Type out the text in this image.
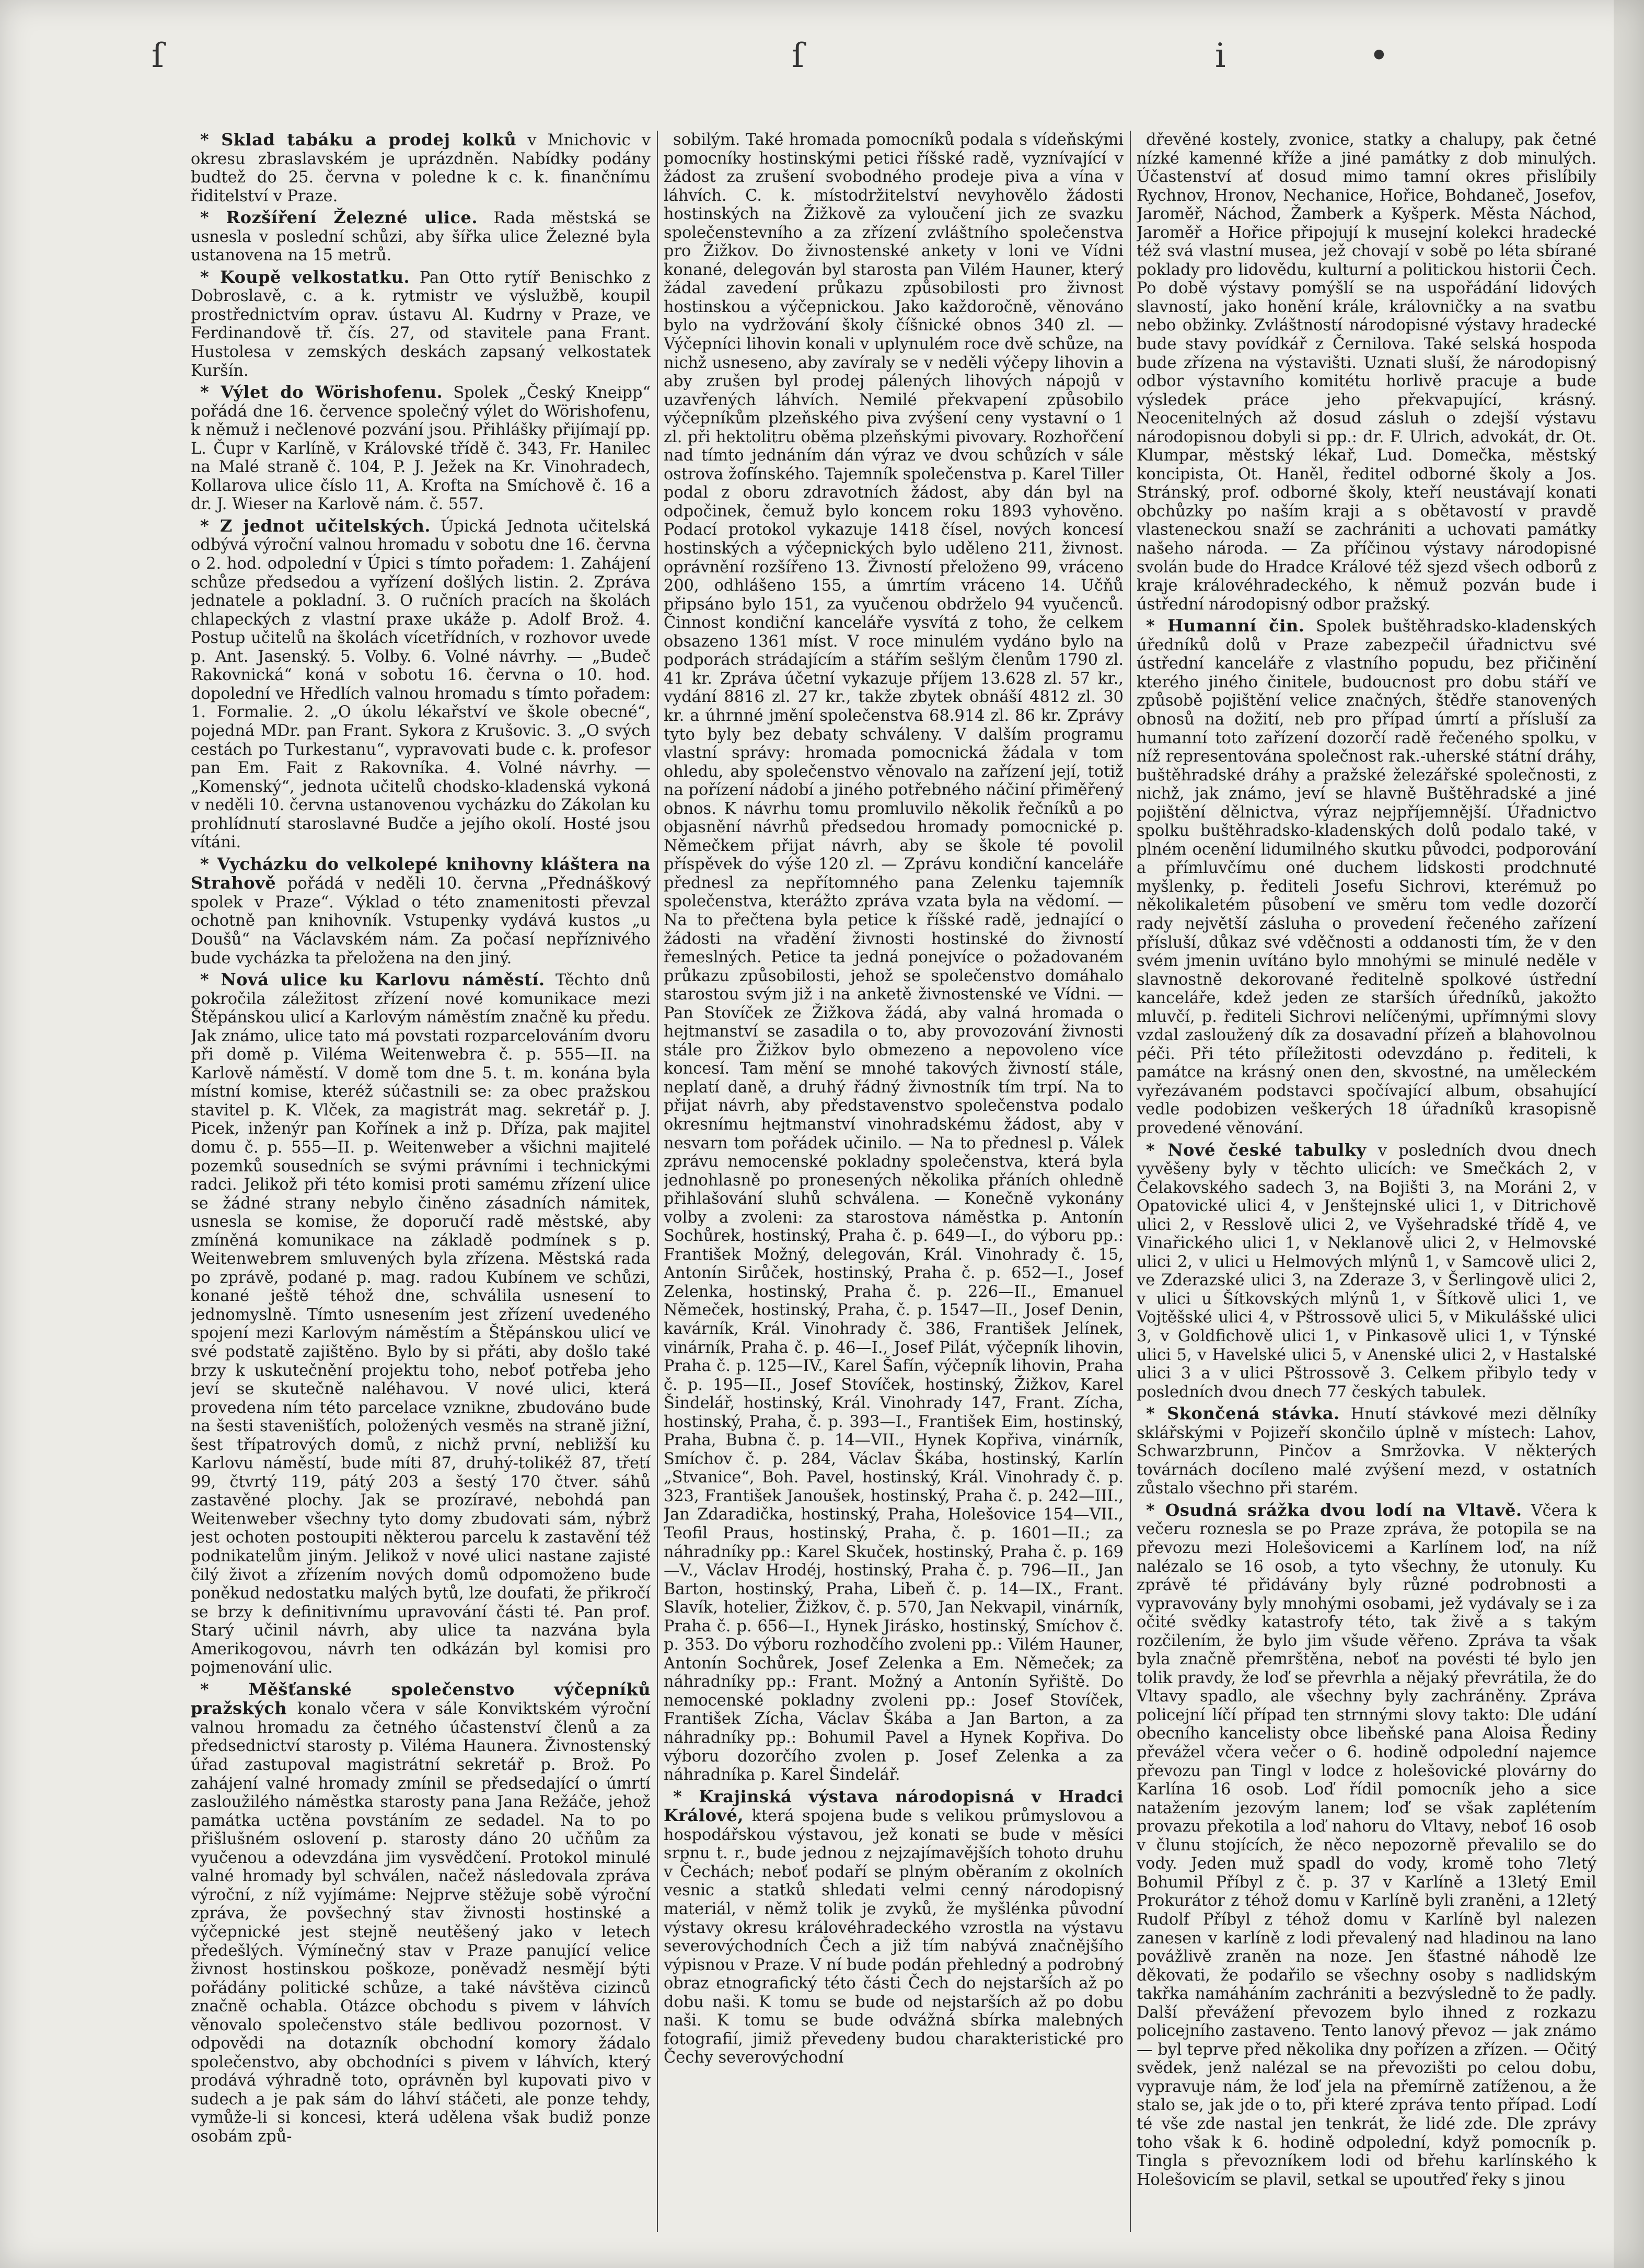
ſ	ſ	i	•

* Sklad tabáku a prodej kolků v Mnichovic v okresu zbraslavském je uprázdněn. Nabídky podány budtež do 25. června v poledne k c. k. finančnímu řiditelství v Praze.

* Rozšíření Železné ulice. Rada městská se usnesla v poslední schůzi, aby šířka ulice Železné byla ustanovena na 15 metrů.

* Koupě velkostatku. Pan Otto rytíř Benischko z Dobroslavě, c. a k. rytmistr ve výslužbě, koupil prostřednictvím oprav. ústavu Al. Kudrny v Praze, ve Ferdinandově tř. čís. 27, od stavitele pana Frant. Hustolesa v zemských deskách zapsaný velkostatek Kuršín.

* Výlet do Wörishofenu. Spolek „Český Kneipp“ pořádá dne 16. července společný výlet do Wörishofenu, k němuž i nečlenové pozvání jsou. Přihlášky přijímají pp. L. Čupr v Karlíně, v Královské třídě č. 343, Fr. Hanilec na Malé straně č. 104, P. J. Ježek na Kr. Vinohradech, Kollarova ulice číslo 11, A. Krofta na Smíchově č. 16 a dr. J. Wieser na Karlově nám. č. 557.

* Z jednot učitelských. Úpická Jednota učitelská odbývá výroční valnou hromadu v sobotu dne 16. června o 2. hod. odpolední v Úpici s tímto pořadem: 1. Zahájení schůze předsedou a vyřízení došlých listin. 2. Zpráva jednatele a pokladní. 3. O ručních pracích na školách chlapeckých z vlastní praxe ukáže p. Adolf Brož. 4. Postup učitelů na školách vícetřídních, v rozhovor uvede p. Ant. Jasenský. 5. Volby. 6. Volné návrhy. — „Budeč Rakovnická“ koná v sobotu 16. června o 10. hod. dopolední ve Hředlích valnou hromadu s tímto pořadem: 1. Formalie. 2. „O úkolu lékařství ve škole obecné“, pojedná MDr. pan Frant. Sykora z Krušovic. 3. „O svých cestách po Turkestanu“, vypravovati bude c. k. profesor pan Em. Fait z Rakovníka. 4. Volné návrhy. — „Komenský“, jednota učitelů chodsko-kladenská vykoná v neděli 10. června ustanovenou vycházku do Zákolan ku prohlídnutí staroslavné Budče a jejího okolí. Hosté jsou vítáni.

* Vycházku do velkolepé knihovny kláštera na Strahově pořádá v neděli 10. června „Přednáškový spolek v Praze“. Výklad o této znamenitosti převzal ochotně pan knihovník. Vstupenky vydává kustos „u Doušů“ na Václavském nám. Za počasí nepříznivého bude vycházka ta přeložena na den jiný.

* Nová ulice ku Karlovu náměstí. Těchto dnů pokročila záležitost zřízení nové komunikace mezi Štěpánskou ulicí a Karlovým náměstím značně ku předu. Jak známo, ulice tato má povstati rozparcelováním dvoru při domě p. Viléma Weitenwebra č. p. 555—II. na Karlově náměstí. V domě tom dne 5. t. m. konána byla místní komise, kteréž súčastnili se: za obec pražskou stavitel p. K. Vlček, za magistrát mag. sekretář p. J. Picek, inženýr pan Kořínek a inž p. Dříza, pak majitel domu č. p. 555—II. p. Weitenweber a všichni majitelé pozemků sousedních se svými právními i technickými radci. Jelikož při této komisi proti samému zřízení ulice se žádné strany nebylo činěno zásadních námitek, usnesla se komise, že doporučí radě městské, aby zmíněná komunikace na základě podmínek s p. Weitenwebrem smluvených byla zřízena. Městská rada po zprávě, podané p. mag. radou Kubínem ve schůzi, konané ještě téhož dne, schválila usnesení to jednomyslně. Tímto usnesením jest zřízení uvedeného spojení mezi Karlovým náměstím a Štěpánskou ulicí ve své podstatě zajištěno. Bylo by si přáti, aby došlo také brzy k uskutečnění projektu toho, neboť potřeba jeho jeví se skutečně naléhavou. V nové ulici, která provedena ním této parcelace vznikne, zbudováno bude na šesti stavenišťích, položených vesměs na straně jižní, šest třípatrových domů, z nichž první, nebližší ku Karlovu náměstí, bude míti 87, druhý-tolikéž 87, třetí 99, čtvrtý 119, pátý 203 a šestý 170 čtver. sáhů zastavěné plochy. Jak se prozíravé, nebohdá pan Weitenweber všechny tyto domy zbudovati sám, nýbrž jest ochoten postoupiti některou parcelu k zastavění též podnikatelům jiným. Jelikož v nové ulici nastane zajisté čilý život a zřízením nových domů odpomoženo bude poněkud nedostatku malých bytů, lze doufati, že přikročí se brzy k definitivnímu upravování části té. Pan prof. Starý učinil návrh, aby ulice ta nazvána byla Amerikogovou, návrh ten odkázán byl komisi pro pojmenování ulic.

* Měšťanské společenstvo výčepníků pražských konalo včera v sále Konviktském výroční valnou hromadu za četného účastenství členů a za předsednictví starosty p. Viléma Haunera. Živnostenský úřad zastupoval magistrátní sekretář p. Brož. Po zahájení valné hromady zmínil se předsedající o úmrtí zasloužilého náměstka starosty pana Jana Režáče, jehož památka uctěna povstáním ze sedadel. Na to po přišlušném oslovení p. starosty dáno 20 učňům za vyučenou a odevzdána jim vysvědčení. Protokol minulé valné hromady byl schválen, načež následovala zpráva výroční, z níž vyjímáme: Nejprve stěžuje sobě výroční zpráva, že povšechný stav živnosti hostinské a výčepnické jest stejně neutěšený jako v letech předešlých. Výmínečný stav v Praze panující velice živnost hostinskou poškoze, poněvadž nesmějí býti pořádány politické schůze, a také návštěva cizinců značně ochabla. Otázce obchodu s pivem v láhvích věnovalo společenstvo stále bedlivou pozornost. V odpovědi na dotazník obchodní komory žádalo společenstvo, aby obchodníci s pivem v láhvích, který prodává výhradně toto, oprávněn byl kupovati pivo v sudech a je pak sám do láhví stáčeti, ale ponze tehdy, vymůže-li si koncesi, která udělena však budiž ponze osobám způ-

sobilým. Také hromada pomocníků podala s vídeňskými pomocníky hostinskými petici říšské radě, vyznívající v žádost za zrušení svobodného prodeje piva a vína v láhvích. C. k. místodržitelství nevyhovělo žádosti hostinských na Žižkově za vyloučení jich ze svazku společenstevního a za zřízení zvláštního společenstva pro Žižkov. Do živnostenské ankety v loni ve Vídni konané, delegován byl starosta pan Vilém Hauner, který žádal zavedení průkazu způsobilosti pro živnost hostinskou a výčepnickou. Jako každoročně, věnováno bylo na vydržování školy číšnické obnos 340 zl. — Výčepníci lihovin konali v uplynulém roce dvě schůze, na nichž usneseno, aby zavíraly se v neděli výčepy lihovin a aby zrušen byl prodej pálených lihových nápojů v uzavřených láhvích. Nemilé překvapení způsobilo výčepníkům plzeňského piva zvýšení ceny vystavní o 1 zl. při hektolitru oběma plzeňskými pivovary. Rozhořčení nad tímto jednáním dán výraz ve dvou schůzích v sále ostrova žofínského. Tajemník společenstva p. Karel Tiller podal z oboru zdravotních žádost, aby dán byl na odpočinek, čemuž bylo koncem roku 1893 vyhověno. Podací protokol vykazuje 1418 čísel, nových koncesí hostinských a výčepnických bylo uděleno 211, živnost. oprávnění rozšířeno 13. Živností přeloženo 99, vráceno 200, odhlášeno 155, a úmrtím vráceno 14. Učňů připsáno bylo 151, za vyučenou obdrželo 94 vyučenců. Činnost kondiční kanceláře vysvítá z toho, že celkem obsazeno 1361 míst. V roce minulém vydáno bylo na podporách strádajícím a stářím sešlým členům 1790 zl. 41 kr. Zpráva účetní vykazuje příjem 13.628 zl. 57 kr., vydání 8816 zl. 27 kr., takže zbytek obnáší 4812 zl. 30 kr. a úhrnné jmění společenstva 68.914 zl. 86 kr. Zprávy tyto byly bez debaty schváleny. V dalším programu vlastní správy: hromada pomocnická žádala v tom ohledu, aby společenstvo věnovalo na zařízení její, totiž na pořízení nádobí a jiného potřebného náčiní přiměřený obnos. K návrhu tomu promluvilo několik řečníků a po objasnění návrhů předsedou hromady pomocnické p. Němečkem přijat návrh, aby se škole té povolil příspěvek do výše 120 zl. — Zprávu kondiční kanceláře přednesl za nepřítomného pana Zelenku tajemník společenstva, kterážto zpráva vzata byla na vědomí. — Na to přečtena byla petice k říšské radě, jednající o žádosti na vřadění živnosti hostinské do živností řemeslných. Petice ta jedná ponejvíce o požadovaném průkazu způsobilosti, jehož se společenstvo domáhalo starostou svým již i na anketě živnostenské ve Vídni. — Pan Stovíček ze Žižkova žádá, aby valná hromada o hejtmanství se zasadila o to, aby provozování živnosti stále pro Žižkov bylo obmezeno a nepovoleno více koncesí. Tam mění se mnohé takových živností stále, neplatí daně, a druhý řádný živnostník tím trpí. Na to přijat návrh, aby představenstvo společenstva podalo okresnímu hejtmanství vinohradskému žádost, aby v nesvarn tom pořádek učinilo. — Na to přednesl p. Válek zprávu nemocenské pokladny společenstva, která byla jednohlasně po pronesených několika přáních ohledně přihlašování sluhů schválena. — Konečně vykonány volby a zvoleni: za starostova náměstka p. Antonín Sochůrek, hostinský, Praha č. p. 649—I., do výboru pp.: František Možný, delegován, Král. Vinohrady č. 15, Antonín Sirůček, hostinský, Praha č. p. 652—I., Josef Zelenka, hostinský, Praha č. p. 226—II., Emanuel Němeček, hostinský, Praha, č. p. 1547—II., Josef Denin, kavárník, Král. Vinohrady č. 386, František Jelínek, vinárník, Praha č. p. 46—I., Josef Pilát, výčepník lihovin, Praha č. p. 125—IV., Karel Šafín, výčepník lihovin, Praha č. p. 195—II., Josef Stovíček, hostinský, Žižkov, Karel Šindelář, hostinský, Král. Vinohrady 147, Frant. Zícha, hostinský, Praha, č. p. 393—I., František Eim, hostinský, Praha, Bubna č. p. 14—VII., Hynek Kopřiva, vinárník, Smíchov č. p. 284, Václav Škába, hostinský, Karlín „Stvanice“, Boh. Pavel, hostinský, Král. Vinohrady č. p. 323, František Janoušek, hostinský, Praha č. p. 242—III., Jan Zdaradička, hostinský, Praha, Holešovice 154—VII., Teofil Praus, hostinský, Praha, č. p. 1601—II.; za náhradníky pp.: Karel Skuček, hostinský, Praha č. p. 169—V., Václav Hrodéj, hostinský, Praha č. p. 796—II., Jan Barton, hostinský, Praha, Libeň č. p. 14—IX., Frant. Slavík, hotelier, Žižkov, č. p. 570, Jan Nekvapil, vinárník, Praha č. p. 656—I., Hynek Jirásko, hostinský, Smíchov č. p. 353. Do výboru rozhodčího zvoleni pp.: Vilém Hauner, Antonín Sochůrek, Josef Zelenka a Em. Němeček; za náhradníky pp.: Frant. Možný a Antonín Syřiště. Do nemocenské pokladny zvoleni pp.: Josef Stovíček, František Zícha, Václav Škába a Jan Barton, a za náhradníky pp.: Bohumil Pavel a Hynek Kopřiva. Do výboru dozorčího zvolen p. Josef Zelenka a za náhradníka p. Karel Šindelář.

* Krajinská výstava národopisná v Hradci Králové, která spojena bude s velikou průmyslovou a hospodářskou výstavou, jež konati se bude v měsíci srpnu t. r., bude jednou z nejzajímavějších tohoto druhu v Čechách; neboť podaří se plným oběraním z okolních vesnic a statků shledati velmi cenný národopisný materiál, v němž tolik je zvyků, že myšlénka původní výstavy okresu královéhradeckého vzrostla na výstavu severovýchodních Čech a již tím nabývá značnějšího výpisnou v Praze. V ní bude podán přehledný a podrobný obraz etnografický této části Čech do nejstarších až po dobu naši. K tomu se bude od nejstarších až po dobu naši. K tomu se bude odvážná sbírka malebných fotografií, jimiž převedeny budou charakteristické pro Čechy severovýchodní

dřevěné kostely, zvonice, statky a chalupy, pak četné nízké kamenné kříže a jiné památky z dob minulých. Účastenství ať dosud mimo tamní okres přislíbily Rychnov, Hronov, Nechanice, Hořice, Bohdaneč, Josefov, Jaroměř, Náchod, Žamberk a Kyšperk. Města Náchod, Jaroměř a Hořice připojují k musejní kolekci hradecké též svá vlastní musea, jež chovají v sobě po léta sbírané poklady pro lidovědu, kulturní a politickou historii Čech. Po době výstavy pomýšlí se na uspořádání lidových slavností, jako honění krále, královničky a na svatbu nebo obžinky. Zvláštností národopisné výstavy hradecké bude stavy povídkář z Černilova. Také selská hospoda bude zřízena na výstavišti. Uznati sluší, že národopisný odbor výstavního komitétu horlivě pracuje a bude výsledek práce jeho překvapující, krásný. Neocenitelných až dosud zásluh o zdejší výstavu národopisnou dobyli si pp.: dr. F. Ulrich, advokát, dr. Ot. Klumpar, městský lékař, Lud. Domečka, městský koncipista, Ot. Haněl, ředitel odborné školy a Jos. Stránský, prof. odborné školy, kteří neustávají konati obchůzky po naším kraji a s obětavostí v pravdě vlasteneckou snaží se zachrániti a uchovati památky našeho národa. — Za příčinou výstavy národopisné svolán bude do Hradce Králové též sjezd všech odborů z kraje královéhradeckého, k němuž pozván bude i ústřední národopisný odbor pražský.

* Humanní čin. Spolek buštěhradsko-kladenských úředníků dolů v Praze zabezpečil úřadnictvu své ústřední kanceláře z vlastního popudu, bez přičinění kterého jiného činitele, budoucnost pro dobu stáří ve způsobě pojištění velice značných, štědře stanovených obnosů na dožití, neb pro případ úmrtí a přísluší za humanní toto zařízení dozorčí radě řečeného spolku, v níž representována společnost rak.-uherské státní dráhy, buštěhradské dráhy a pražské železářské společnosti, z nichž, jak známo, jeví se hlavně Buštěhradské a jiné pojištění dělnictva, výraz nejpříjemnější. Úřadnictvo spolku buštěhradsko-kladenských dolů podalo také, v plném ocenění lidumilného skutku původci, podporování a přímluvčímu oné duchem lidskosti prodchnuté myšlenky, p. řediteli Josefu Sichrovi, kterémuž po několikaletém působení ve směru tom vedle dozorčí rady největší zásluha o provedení řečeného zařízení přísluší, důkaz své vděčnosti a oddanosti tím, že v den svém jmenin uvítáno bylo mnohými se minulé neděle v slavnostně dekorované ředitelně spolkové ústřední kanceláře, kdež jeden ze starších úředníků, jakožto mluvčí, p. řediteli Sichrovi nelíčenými, upřímnými slovy vzdal zasloužený dík za dosavadní přízeň a blahovolnou péči. Při této příležitosti odevzdáno p. řediteli, k památce na krásný onen den, skvostné, na uměleckém vyřezávaném podstavci spočívající album, obsahující vedle podobizen veškerých 18 úřadníků krasopisně provedené věnování.

* Nové české tabulky v posledních dvou dnech vyvěšeny byly v těchto ulicích: ve Smečkách 2, v Čelakovského sadech 3, na Bojišti 3, na Moráni 2, v Opatovické ulici 4, v Jenštejnské ulici 1, v Ditrichově ulici 2, v Resslově ulici 2, ve Vyšehradské třídě 4, ve Vinařického ulici 1, v Neklanově ulici 2, v Helmovské ulici 2, v ulici u Helmových mlýnů 1, v Samcově ulici 2, ve Zderazské ulici 3, na Zderaze 3, v Šerlingově ulici 2, v ulici u Šítkovských mlýnů 1, v Šítkově ulici 1, ve Vojtěšské ulici 4, v Pštrossově ulici 5, v Mikulášské ulici 3, v Goldfichově ulici 1, v Pinkasově ulici 1, v Týnské ulici 5, v Havelské ulici 5, v Anenské ulici 2, v Hastalské ulici 3 a v ulici Pštrossově 3. Celkem přibylo tedy v posledních dvou dnech 77 českých tabulek.

* Skončená stávka. Hnutí stávkové mezi dělníky sklářskými v Pojizeří skončilo úplně v místech: Lahov, Schwarzbrunn, Pinčov a Smržovka. V některých továrnách docíleno malé zvýšení mezd, v ostatních zůstalo všechno při starém.

* Osudná srážka dvou lodí na Vltavě. Včera k večeru roznesla se po Praze zpráva, že potopila se na převozu mezi Holešovicemi a Karlínem loď, na níž nalézalo se 16 osob, a tyto všechny, že utonuly. Ku zprávě té přidávány byly různé podrobnosti a vypravovány byly mnohými osobami, jež vydávaly se i za očité svědky katastrofy této, tak živě a s takým rozčilením, že bylo jim všude věřeno. Zpráva ta však byla značně přemrštěna, neboť na povésti té bylo jen tolik pravdy, že loď se převrhla a nějaký převrátila, že do Vltavy spadlo, ale všechny byly zachráněny. Zpráva policejní líčí případ ten strnnými slovy takto: Dle udání obecního kancelisty obce libeňské pana Aloisa Řediny převážel včera večer o 6. hodině odpolední najemce převozu pan Tingl v lodce z holešovické plovárny do Karlína 16 osob. Loď řídil pomocník jeho a sice natažením jezovým lanem; loď se však zaplétením provazu překotila a loď nahoru do Vltavy, neboť 16 osob v člunu stojících, že něco nepozorně převalilo se do vody. Jeden muž spadl do vody, kromě toho 7letý Bohumil Příbyl z č. p. 37 v Karlíně a 13letý Emil Prokurátor z téhož domu v Karlíně byli zraněni, a 12letý Rudolf Příbyl z téhož domu v Karlíně byl nalezen zanesen v karlíně z lodi převalený nad hladinou na lano povážlivě zraněn na noze. Jen šťastné náhodě lze děkovati, že podařilo se všechny osoby s nadlidským takřka namáháním zachrániti a bezvýsledně to že padly. Další převážení převozem bylo ihned z rozkazu policejního zastaveno. Tento lanový převoz — jak známo — byl teprve před několika dny pořízen a zřízen. — Očitý svědek, jenž nalézal se na převozišti po celou dobu, vypravuje nám, že loď jela na přemírně zatíženou, a že stalo se, jak jde o to, při které zpráva tento případ. Lodí té vše zde nastal jen tenkrát, že lidé zde. Dle zprávy toho však k 6. hodině odpolední, když pomocník p. Tingla s převozníkem lodi od břehu karlínského k Holešovicím se plavil, setkal se upoutřeď řeky s jinou
